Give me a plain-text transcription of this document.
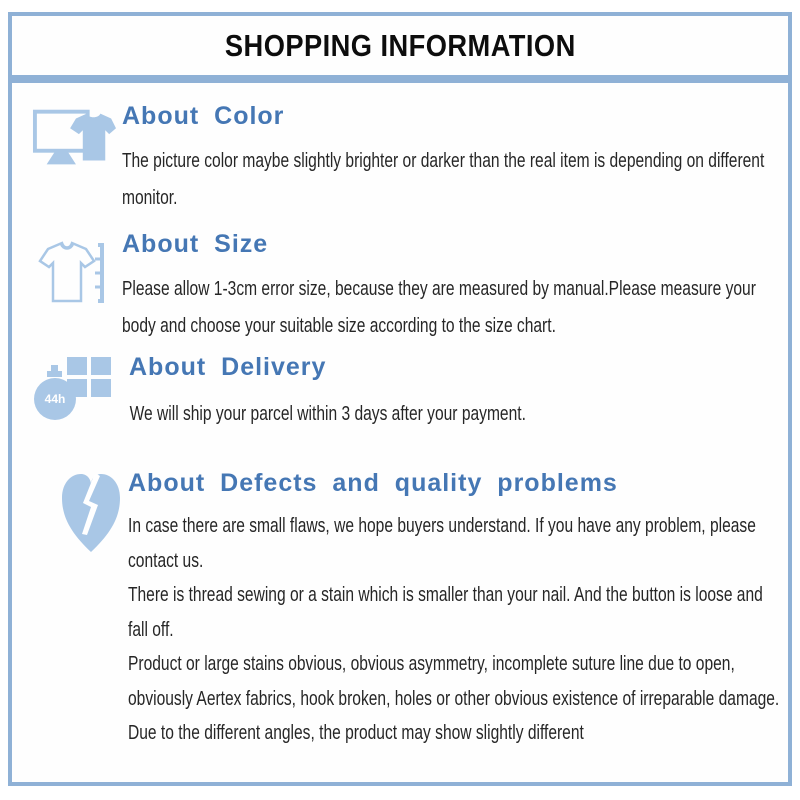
SHOPPING INFORMATION
About Color

The picture color maybe slightly brighter or darker than the real item is depending on different monitor.

About Size

Please allow 1-3cm error size, because they are measured by manual.Please measure your body and choose your suitable size according to the size chart.

44h
About Delivery

We will ship your parcel within 3 days after your payment.

About Defects and quality problems

In case there are small flaws, we hope buyers understand. If you have any problem, please contact us.

There is thread sewing or a stain which is smaller than your nail. And the button is loose and fall off.

Product or large stains obvious, obvious asymmetry, incomplete suture line due to open, obviously Aertex fabrics, hook broken, holes or other obvious existence of irreparable damage.

Due to the different angles, the product may show slightly different
